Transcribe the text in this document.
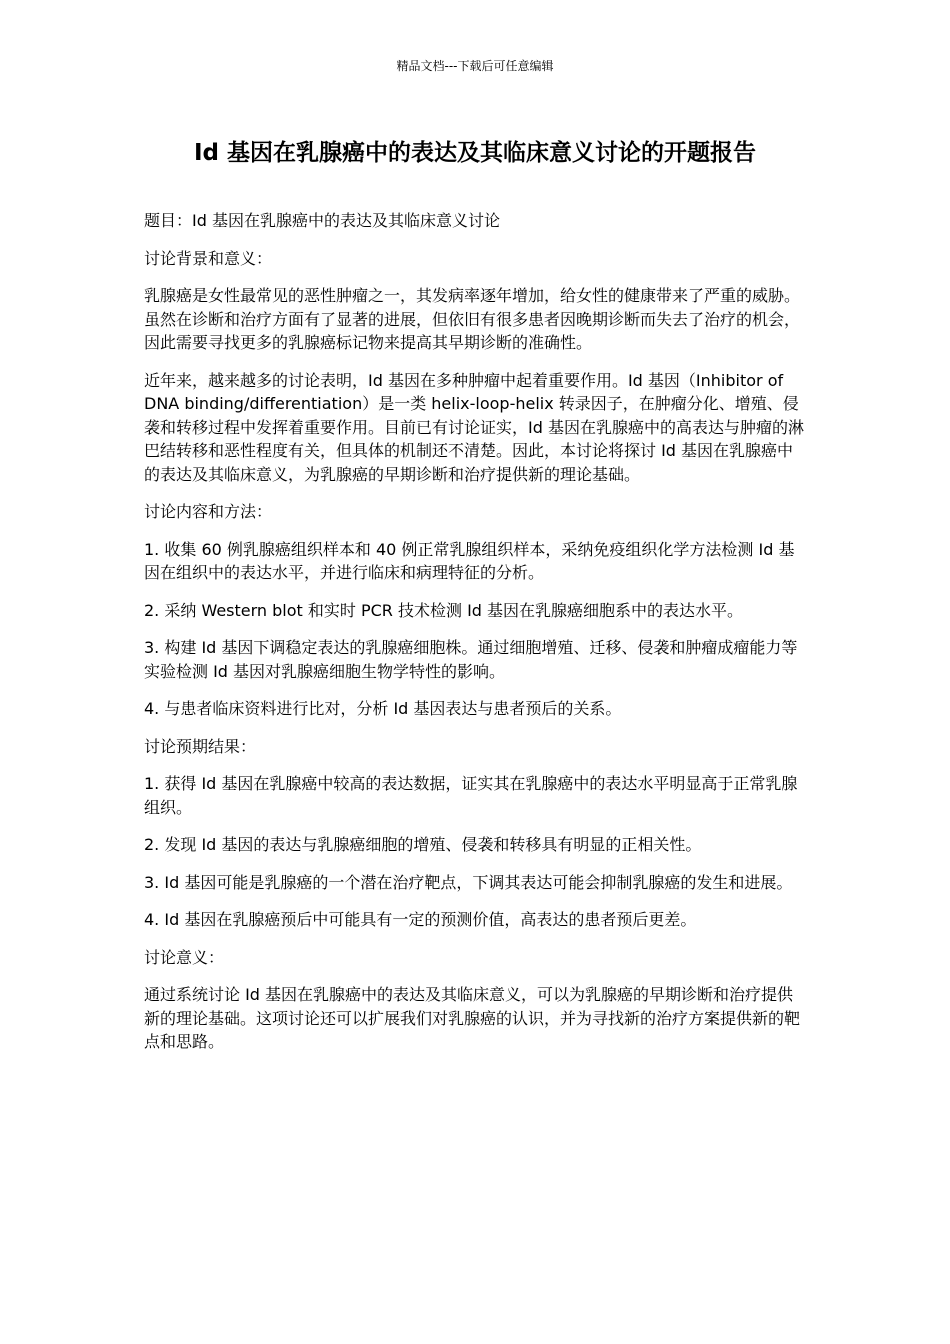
精品文档---下载后可任意编辑
Id 基因在乳腺癌中的表达及其临床意义讨论的开题报告

题目：Id 基因在乳腺癌中的表达及其临床意义讨论

讨论背景和意义：

乳腺癌是女性最常见的恶性肿瘤之一，其发病率逐年增加，给女性的健康带来了严重的威胁。虽然在诊断和治疗方面有了显著的进展，但依旧有很多患者因晚期诊断而失去了治疗的机会，因此需要寻找更多的乳腺癌标记物来提高其早期诊断的准确性。

近年来，越来越多的讨论表明，Id 基因在多种肿瘤中起着重要作用。Id 基因（Inhibitor of DNA binding/differentiation）是一类 helix-loop-helix 转录因子，在肿瘤分化、增殖、侵袭和转移过程中发挥着重要作用。目前已有讨论证实，Id 基因在乳腺癌中的高表达与肿瘤的淋巴结转移和恶性程度有关，但具体的机制还不清楚。因此，本讨论将探讨 Id 基因在乳腺癌中的表达及其临床意义，为乳腺癌的早期诊断和治疗提供新的理论基础。

讨论内容和方法：

1. 收集 60 例乳腺癌组织样本和 40 例正常乳腺组织样本，采纳免疫组织化学方法检测 Id 基因在组织中的表达水平，并进行临床和病理特征的分析。

2. 采纳 Western blot 和实时 PCR 技术检测 Id 基因在乳腺癌细胞系中的表达水平。

3. 构建 Id 基因下调稳定表达的乳腺癌细胞株。通过细胞增殖、迁移、侵袭和肿瘤成瘤能力等实验检测 Id 基因对乳腺癌细胞生物学特性的影响。

4. 与患者临床资料进行比对，分析 Id 基因表达与患者预后的关系。

讨论预期结果：

1. 获得 Id 基因在乳腺癌中较高的表达数据，证实其在乳腺癌中的表达水平明显高于正常乳腺组织。

2. 发现 Id 基因的表达与乳腺癌细胞的增殖、侵袭和转移具有明显的正相关性。

3. Id 基因可能是乳腺癌的一个潜在治疗靶点，下调其表达可能会抑制乳腺癌的发生和进展。

4. Id 基因在乳腺癌预后中可能具有一定的预测价值，高表达的患者预后更差。

讨论意义：

通过系统讨论 Id 基因在乳腺癌中的表达及其临床意义，可以为乳腺癌的早期诊断和治疗提供新的理论基础。这项讨论还可以扩展我们对乳腺癌的认识，并为寻找新的治疗方案提供新的靶点和思路。
